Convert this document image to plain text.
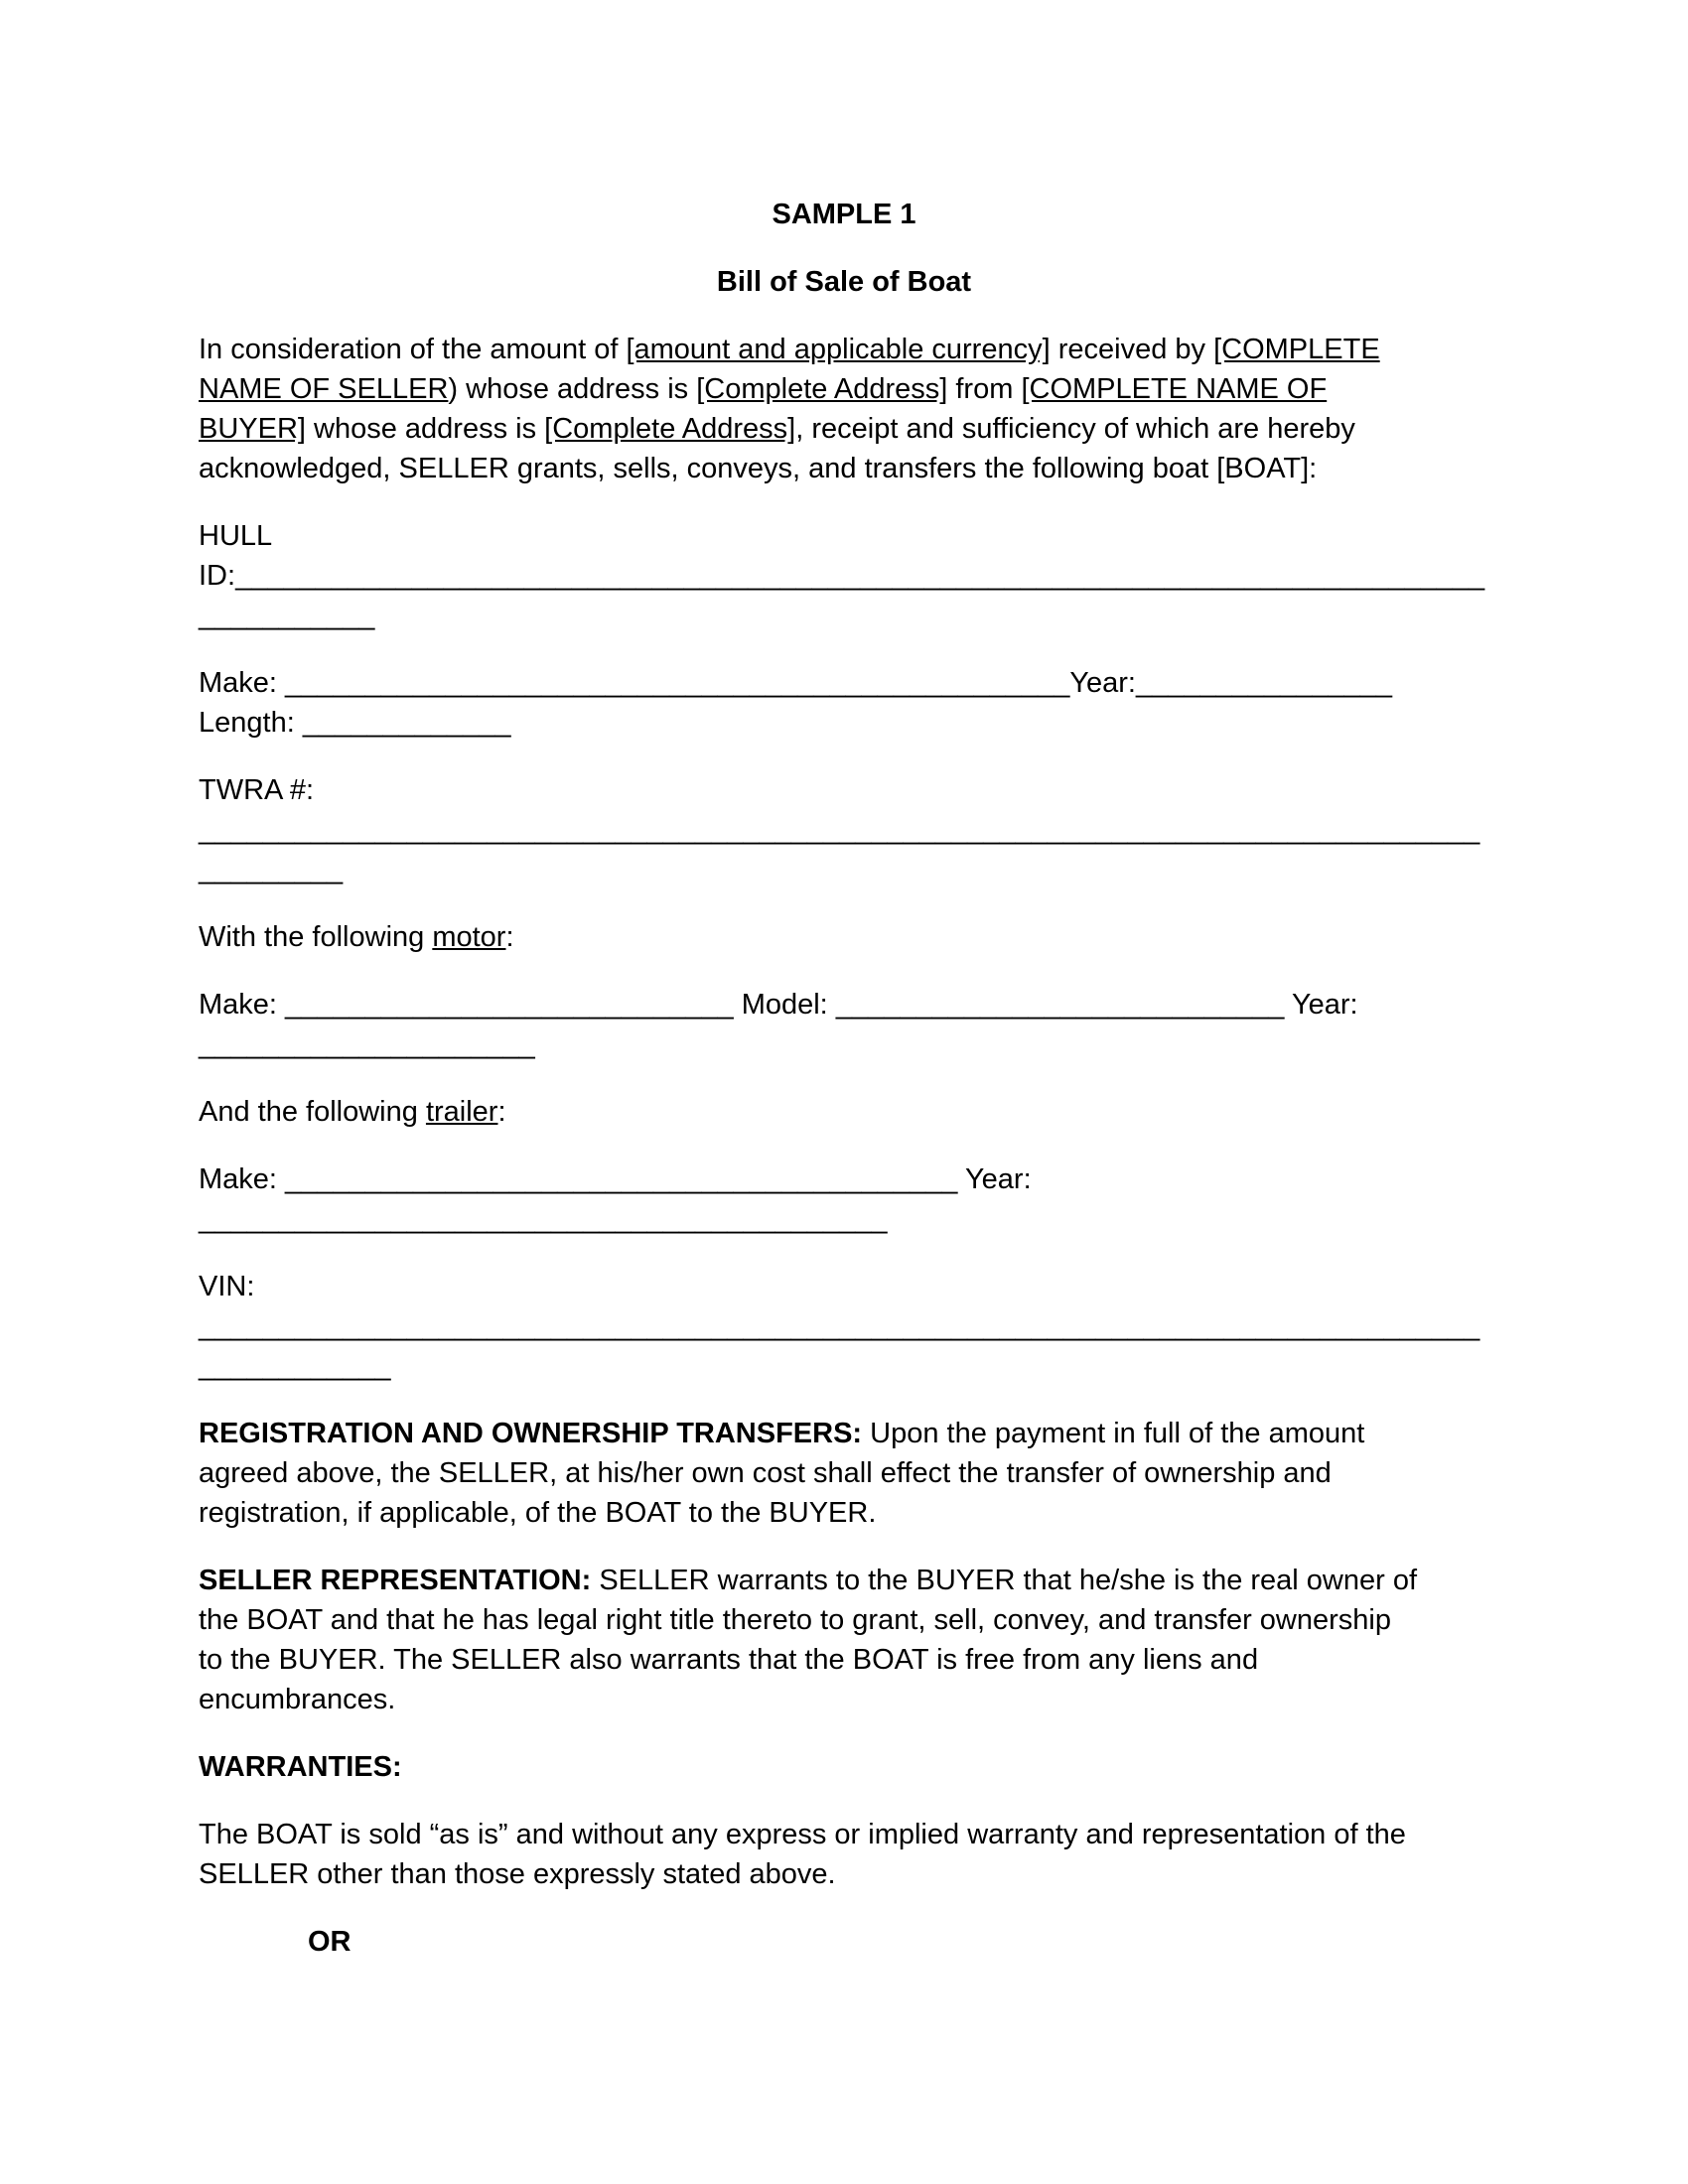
SAMPLE 1
Bill of Sale of Boat
In consideration of the amount of [amount and applicable currency] received by [COMPLETE
NAME OF SELLER) whose address is [Complete Address] from [COMPLETE NAME OF
BUYER] whose address is [Complete Address], receipt and sufficiency of which are hereby
acknowledged, SELLER grants, sells, conveys, and transfers the following boat [BOAT]:
HULL
ID:______________________________________________________________________________
___________
Make: _________________________________________________Year:________________
Length: _____________
TWRA #:
________________________________________________________________________________
_________
With the following motor:
Make: ____________________________ Model: ____________________________ Year:
_____________________
And the following trailer:
Make: __________________________________________ Year:
___________________________________________
VIN:
________________________________________________________________________________
____________
REGISTRATION AND OWNERSHIP TRANSFERS: Upon the payment in full of the amount
agreed above, the SELLER, at his/her own cost shall effect the transfer of ownership and
registration, if applicable, of the BOAT to the BUYER.
SELLER REPRESENTATION: SELLER warrants to the BUYER that he/she is the real owner of
the BOAT and that he has legal right title thereto to grant, sell, convey, and transfer ownership
to the BUYER. The SELLER also warrants that the BOAT is free from any liens and
encumbrances.
WARRANTIES:
The BOAT is sold “as is” and without any express or implied warranty and representation of the
SELLER other than those expressly stated above.
OR
